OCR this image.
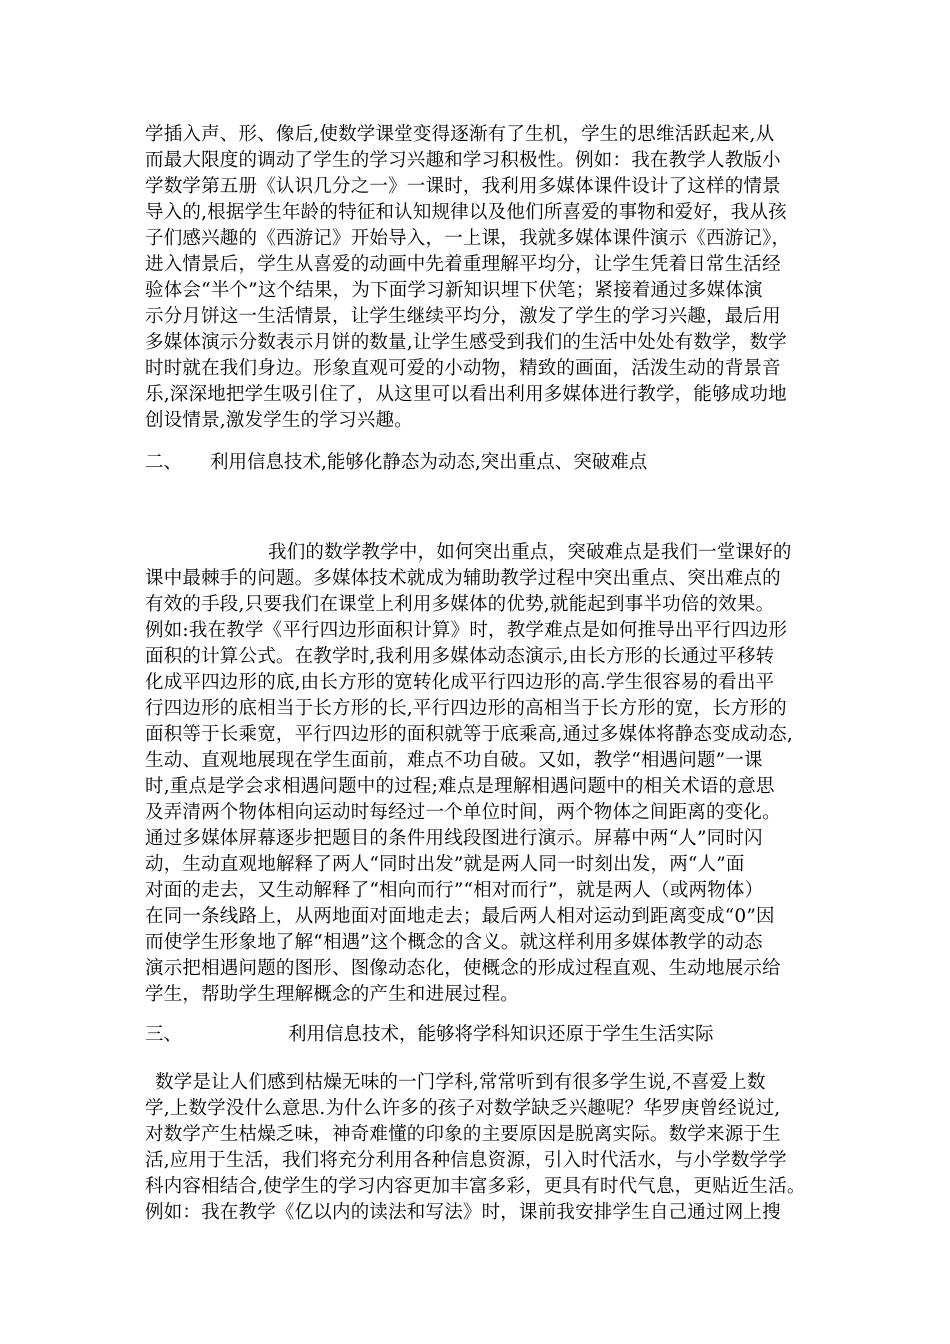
学插入声、形、像后,使数学课堂变得逐渐有了生机，学生的思维活跃起来,从
而最大限度的调动了学生的学习兴趣和学习积极性。例如：我在教学人教版小
学数学第五册《认识几分之一》一课时，我利用多媒体课件设计了这样的情景
导入的,根据学生年龄的特征和认知规律以及他们所喜爱的事物和爱好，我从孩
子们感兴趣的《西游记》开始导入，一上课，我就多媒体课件演示《西游记》，
进入情景后，学生从喜爱的动画中先着重理解平均分，让学生凭着日常生活经
验体会“半个”这个结果，为下面学习新知识埋下伏笔；紧接着通过多媒体演
示分月饼这一生活情景，让学生继续平均分，激发了学生的学习兴趣，最后用
多媒体演示分数表示月饼的数量,让学生感受到我们的生活中处处有数学，数学
时时就在我们身边。形象直观可爱的小动物，精致的画面，活泼生动的背景音
乐,深深地把学生吸引住了，从这里可以看出利用多媒体进行教学，能够成功地
创设情景,激发学生的学习兴趣。
二、 利用信息技术,能够化静态为动态,突出重点、突破难点
我们的数学教学中，如何突出重点，突破难点是我们一堂课好的
课中最棘手的问题。多媒体技术就成为辅助教学过程中突出重点、突出难点的
有效的手段,只要我们在课堂上利用多媒体的优势,就能起到事半功倍的效果。
例如:我在教学《平行四边形面积计算》时，教学难点是如何推导出平行四边形
面积的计算公式。在教学时,我利用多媒体动态演示,由长方形的长通过平移转
化成平四边形的底,由长方形的宽转化成平行四边形的高.学生很容易的看出平
行四边形的底相当于长方形的长,平行四边形的高相当于长方形的宽，长方形的
面积等于长乘宽，平行四边形的面积就等于底乘高,通过多媒体将静态变成动态,
生动、直观地展现在学生面前，难点不功自破。又如，教学“相遇问题”一课
时,重点是学会求相遇问题中的过程;难点是理解相遇问题中的相关术语的意思
及弄清两个物体相向运动时每经过一个单位时间，两个物体之间距离的变化。
通过多媒体屏幕逐步把题目的条件用线段图进行演示。屏幕中两“人”同时闪
动，生动直观地解释了两人“同时出发”就是两人同一时刻出发，两“人”面
对面的走去，又生动解释了“相向而行”“相对而行”，就是两人（或两物体）
在同一条线路上，从两地面对面地走去；最后两人相对运动到距离变成“0”因
而使学生形象地了解“相遇”这个概念的含义。就这样利用多媒体教学的动态
演示把相遇问题的图形、图像动态化，使概念的形成过程直观、生动地展示给
学生，帮助学生理解概念的产生和进展过程。
三、	利用信息技术，能够将学科知识还原于学生生活实际
数学是让人们感到枯燥无味的一门学科,常常听到有很多学生说,不喜爱上数
学,上数学没什么意思.为什么许多的孩子对数学缺乏兴趣呢？华罗庚曾经说过,
对数学产生枯燥乏味，神奇难懂的印象的主要原因是脱离实际。数学来源于生
活,应用于生活，我们将充分利用各种信息资源，引入时代活水，与小学数学学
科内容相结合,使学生的学习内容更加丰富多彩，更具有时代气息，更贴近生活。
例如：我在教学《亿以内的读法和写法》时，课前我安排学生自己通过网上搜
